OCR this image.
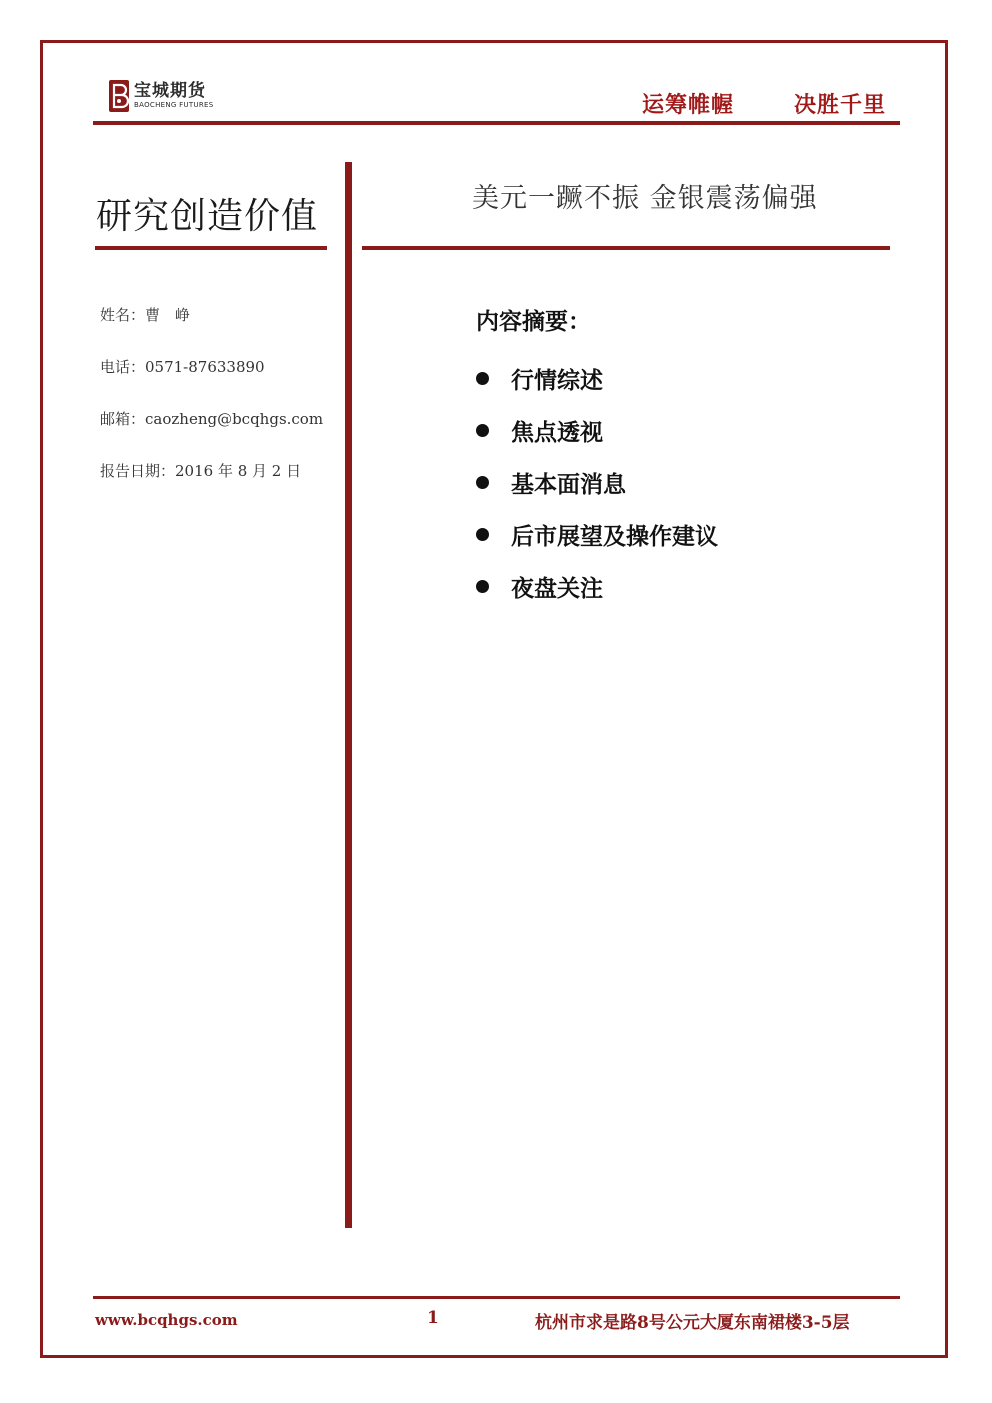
宝城期货
BAOCHENG FUTURES	运筹帷幄	决胜千里
研究创造价值	美元一蹶不振 金银震荡偏强
姓名：曹　峥
电话：0571-87633890
邮箱：caozheng@bcqhgs.com
报告日期：2016 年 8 月 2 日
内容摘要：
行情综述
焦点透视
基本面消息
后市展望及操作建议
夜盘关注
www.bcqhgs.com	1	杭州市求是路8号公元大厦东南裙楼3-5层
